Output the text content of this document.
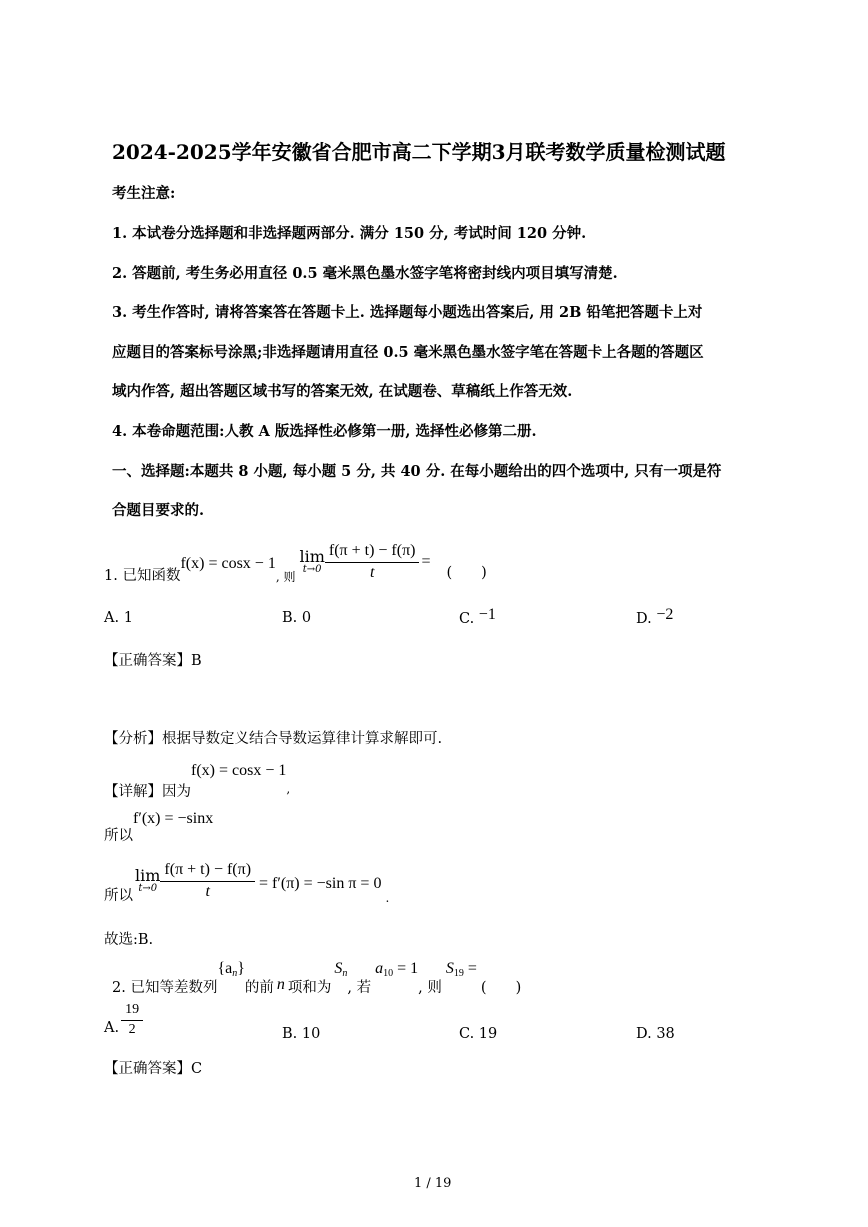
2024-2025学年安徽省合肥市高二下学期3月联考数学质量检测试题
考生注意:
1. 本试卷分选择题和非选择题两部分. 满分 150 分, 考试时间 120 分钟.
2. 答题前, 考生务必用直径 0.5 毫米黑色墨水签字笔将密封线内项目填写清楚.
3. 考生作答时, 请将答案答在答题卡上. 选择题每小题选出答案后, 用 2B 铅笔把答题卡上对
应题目的答案标号涂黑;非选择题请用直径 0.5 毫米黑色墨水签字笔在答题卡上各题的答题区
域内作答, 超出答题区域书写的答案无效, 在试题卷、草稿纸上作答无效.
4. 本卷命题范围:人教 A 版选择性必修第一册, 选择性必修第二册.
一、选择题:本题共 8 小题, 每小题 5 分, 共 40 分. 在每小题给出的四个选项中, 只有一项是符
合题目要求的.
1. 已知函数
f(x) = cosx − 1
, 则
lim
$t\to 0 \frac{f(\pi + t) - f(\pi)}{t}$ =
(　　)
A. 1	B. 0	C. −1	D. −2
【正确答案】B
【分析】根据导数定义结合导数运算律计算求解即可.
【详解】因为
f(x) = cosx − 1
,
所以
f′(x) = −sinx
所以
lim
$t\to 0 \frac{f(\pi + t) - f(\pi)}{t} = f'(\pi) = -\sin$ π = 0
.
故选:B.
2. 已知等差数列
$\{a_n\}$
的前 n 项和为
$S_n$
, 若
$a_{10} = 1$
, 则
$S_{19}$ =
(　　)
A. $\frac{19}{2}$	B. 10	C. 19	D. 38
【正确答案】C
1 / 19
